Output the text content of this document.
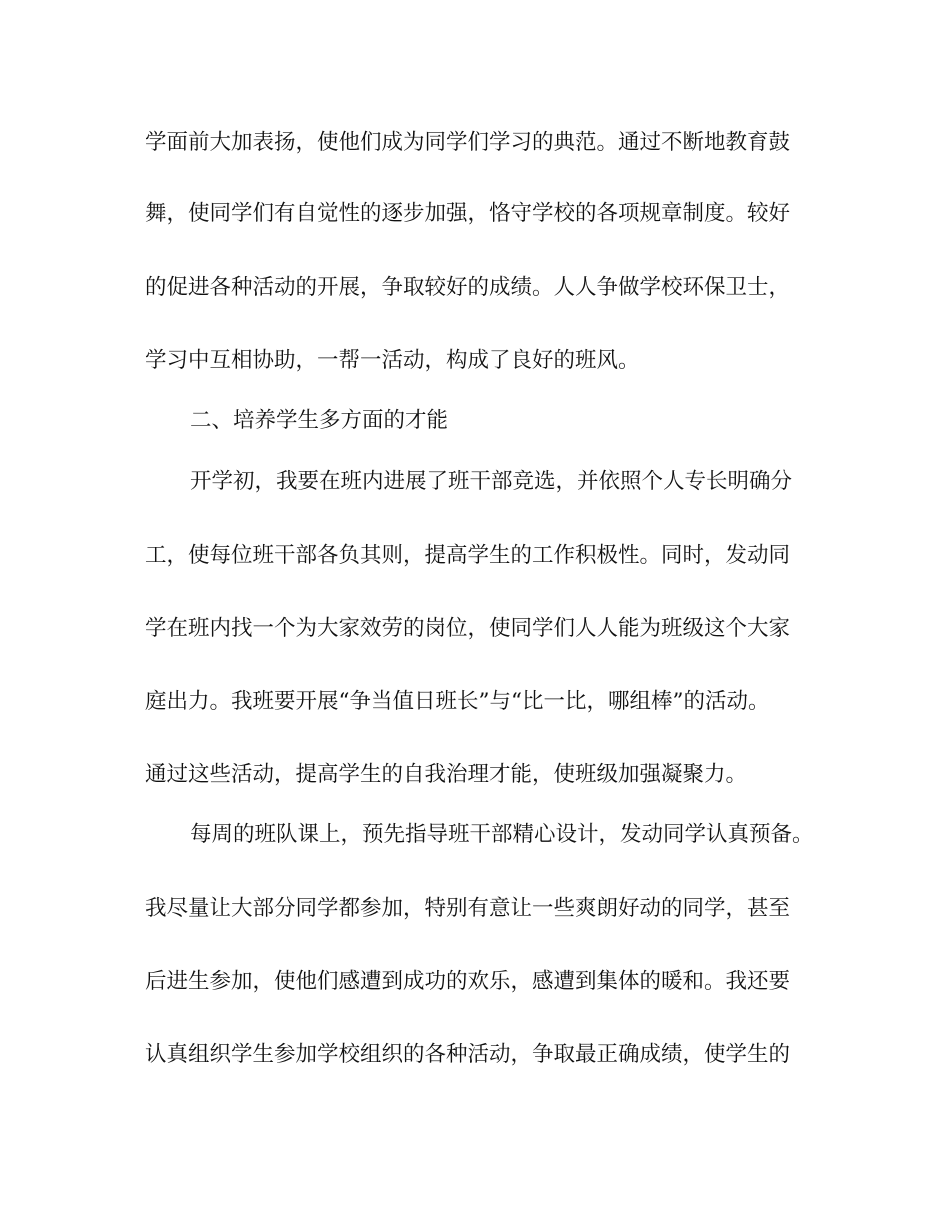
学面前大加表扬，使他们成为同学们学习的典范。通过不断地教育鼓
舞，使同学们有自觉性的逐步加强，恪守学校的各项规章制度。较好
的促进各种活动的开展，争取较好的成绩。人人争做学校环保卫士，
学习中互相协助，一帮一活动，构成了良好的班风。
二、培养学生多方面的才能
开学初，我要在班内进展了班干部竞选，并依照个人专长明确分
工，使每位班干部各负其则，提高学生的工作积极性。同时，发动同
学在班内找一个为大家效劳的岗位，使同学们人人能为班级这个大家
庭出力。我班要开展“争当值日班长”与“比一比，哪组棒”的活动。
通过这些活动，提高学生的自我治理才能，使班级加强凝聚力。
每周的班队课上，预先指导班干部精心设计，发动同学认真预备。
我尽量让大部分同学都参加，特别有意让一些爽朗好动的同学，甚至
后进生参加，使他们感遭到成功的欢乐，感遭到集体的暖和。我还要
认真组织学生参加学校组织的各种活动，争取最正确成绩，使学生的
